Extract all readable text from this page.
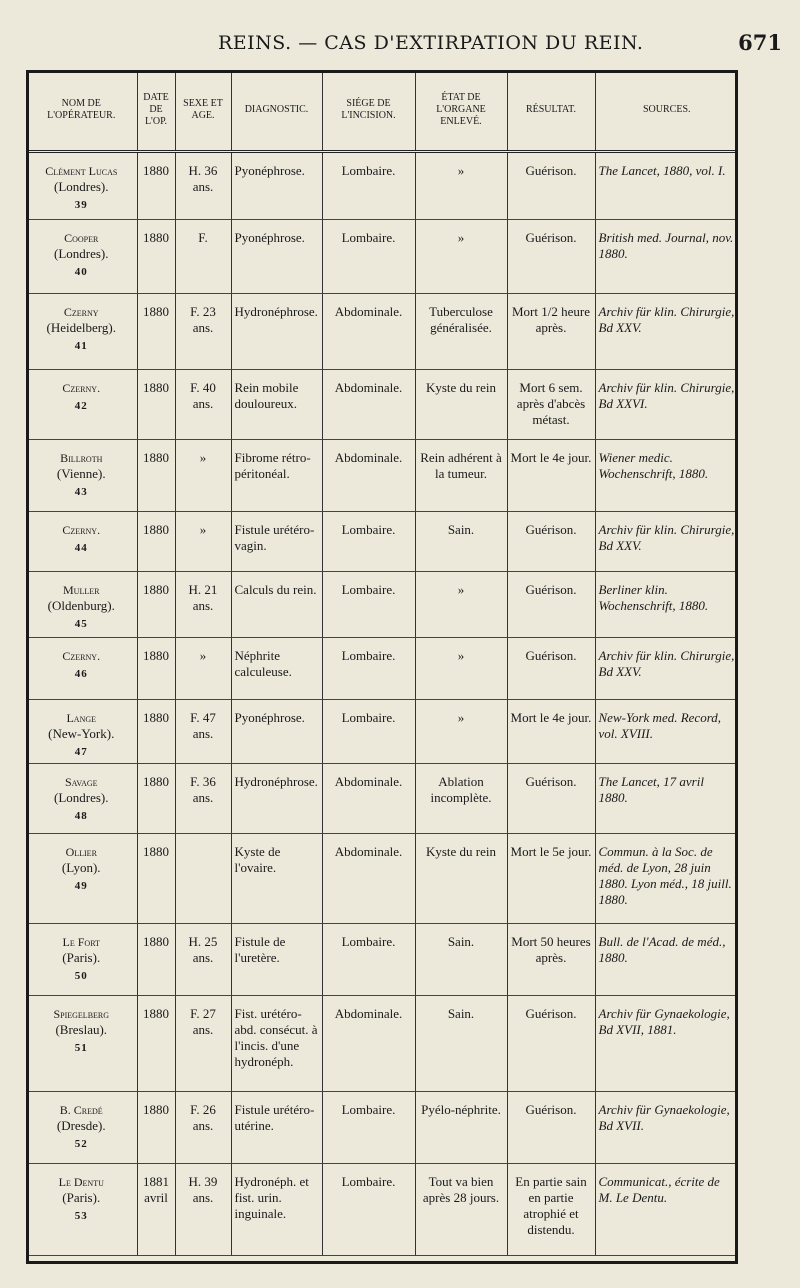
REINS. — CAS D'EXTIRPATION DU REIN.	671
NOM DE L'OPÉRATEUR.	DATE DE L'OP.	SEXE ET AGE.	DIAGNOSTIC.	SIÉGE DE L'INCISION.	ÉTAT DE L'ORGANE ENLEVÉ.	RÉSULTAT.	SOURCES.

Clément Lucas
(Londres).
39	1880	H. 36 ans.	Pyonéphrose.	Lombaire.	»	Guérison.	The Lancet, 1880, vol. I.

Cooper
(Londres).
40	1880	F.	Pyonéphrose.	Lombaire.	»	Guérison.	British med. Journal, nov. 1880.

Czerny
(Heidelberg).
41	1880	F. 23 ans.	Hydronéphrose.	Abdominale.	Tuberculose généralisée.	Mort 1/2 heure après.	Archiv für klin. Chirurgie, Bd XXV.

Czerny.
42	1880	F. 40 ans.	Rein mobile douloureux.	Abdominale.	Kyste du rein	Mort 6 sem. après d'abcès métast.	Archiv für klin. Chirurgie, Bd XXVI.

Billroth
(Vienne).
43	1880	»	Fibrome rétro-péritonéal.	Abdominale.	Rein adhérent à la tumeur.	Mort le 4e jour.	Wiener medic. Wochenschrift, 1880.

Czerny.
44	1880	»	Fistule urétéro-vagin.	Lombaire.	Sain.	Guérison.	Archiv für klin. Chirurgie, Bd XXV.

Muller
(Oldenburg).
45	1880	H. 21 ans.	Calculs du rein.	Lombaire.	»	Guérison.	Berliner klin. Wochenschrift, 1880.

Czerny.
46	1880	»	Néphrite calculeuse.	Lombaire.	»	Guérison.	Archiv für klin. Chirurgie, Bd XXV.

Lange
(New-York).
47	1880	F. 47 ans.	Pyonéphrose.	Lombaire.	»	Mort le 4e jour.	New-York med. Record, vol. XVIII.

Savage
(Londres).
48	1880	F. 36 ans.	Hydronéphrose.	Abdominale.	Ablation incomplète.	Guérison.	The Lancet, 17 avril 1880.

Ollier
(Lyon).
49	1880		Kyste de l'ovaire.	Abdominale.	Kyste du rein	Mort le 5e jour.	Commun. à la Soc. de méd. de Lyon, 28 juin 1880. Lyon méd., 18 juill. 1880.

Le Fort
(Paris).
50	1880	H. 25 ans.	Fistule de l'uretère.	Lombaire.	Sain.	Mort 50 heures après.	Bull. de l'Acad. de méd., 1880.

Spiegelberg
(Breslau).
51	1880	F. 27 ans.	Fist. urétéro-abd. consécut. à l'incis. d'une hydronéph.	Abdominale.	Sain.	Guérison.	Archiv für Gynaekologie, Bd XVII, 1881.

B. Credé
(Dresde).
52	1880	F. 26 ans.	Fistule urétéro-utérine.	Lombaire.	Pyélo-néphrite.	Guérison.	Archiv für Gynaekologie, Bd XVII.

Le Dentu
(Paris).
53	1881 avril	H. 39 ans.	Hydronéph. et fist. urin. inguinale.	Lombaire.	Tout va bien après 28 jours.	En partie sain en partie atrophié et distendu.	Communicat., écrite de M. Le Dentu.
